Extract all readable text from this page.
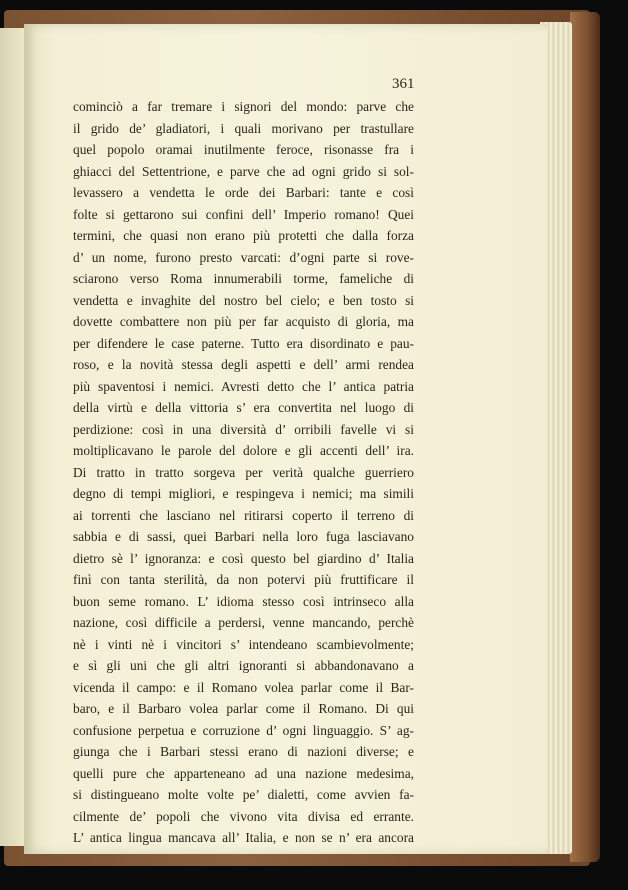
361
cominciò a far tremare i signori del mondo: parve che
il grido de’ gladiatori, i quali morivano per trastullare
quel popolo oramai inutilmente feroce, risonasse fra i
ghiacci del Settentrione, e parve che ad ogni grido si sol-
levassero a vendetta le orde dei Barbari: tante e così
folte si gettarono sui confini dell’ Imperio romano! Quei
termini, che quasi non erano più protetti che dalla forza
d’ un nome, furono presto varcati: d’ogni parte si rove-
sciarono verso Roma innumerabili torme, fameliche di
vendetta e invaghite del nostro bel cielo; e ben tosto si
dovette combattere non più per far acquisto di gloria, ma
per difendere le case paterne. Tutto era disordinato e pau-
roso, e la novità stessa degli aspetti e dell’ armi rendea
più spaventosi i nemici. Avresti detto che l’ antica patria
della virtù e della vittoria s’ era convertita nel luogo di
perdizione: così in una diversità d’ orribili favelle vi si
moltiplicavano le parole del dolore e gli accenti dell’ ira.
Di tratto in tratto sorgeva per verità qualche guerriero
degno di tempi migliori, e respingeva i nemici; ma simili
ai torrenti che lasciano nel ritirarsi coperto il terreno di
sabbia e di sassi, quei Barbari nella loro fuga lasciavano
dietro sè l’ ignoranza: e così questo bel giardino d’ Italia
finì con tanta sterilità, da non potervi più fruttificare il
buon seme romano. L’ idioma stesso così intrinseco alla
nazione, così difficile a perdersi, venne mancando, perchè
nè i vinti nè i vincitori s’ intendeano scambievolmente;
e sì gli uni che gli altri ignoranti si abbandonavano a
vicenda il campo: e il Romano volea parlar come il Bar-
baro, e il Barbaro volea parlar come il Romano. Di qui
confusione perpetua e corruzione d’ ogni linguaggio. S’ ag-
giunga che i Barbari stessi erano di nazioni diverse; e
quelli pure che apparteneano ad una nazione medesima,
si distingueano molte volte pe’ dialetti, come avvien fa-
cilmente de’ popoli che vivono vita divisa ed errante.
L’ antica lingua mancava all’ Italia, e non se n’ era ancora
